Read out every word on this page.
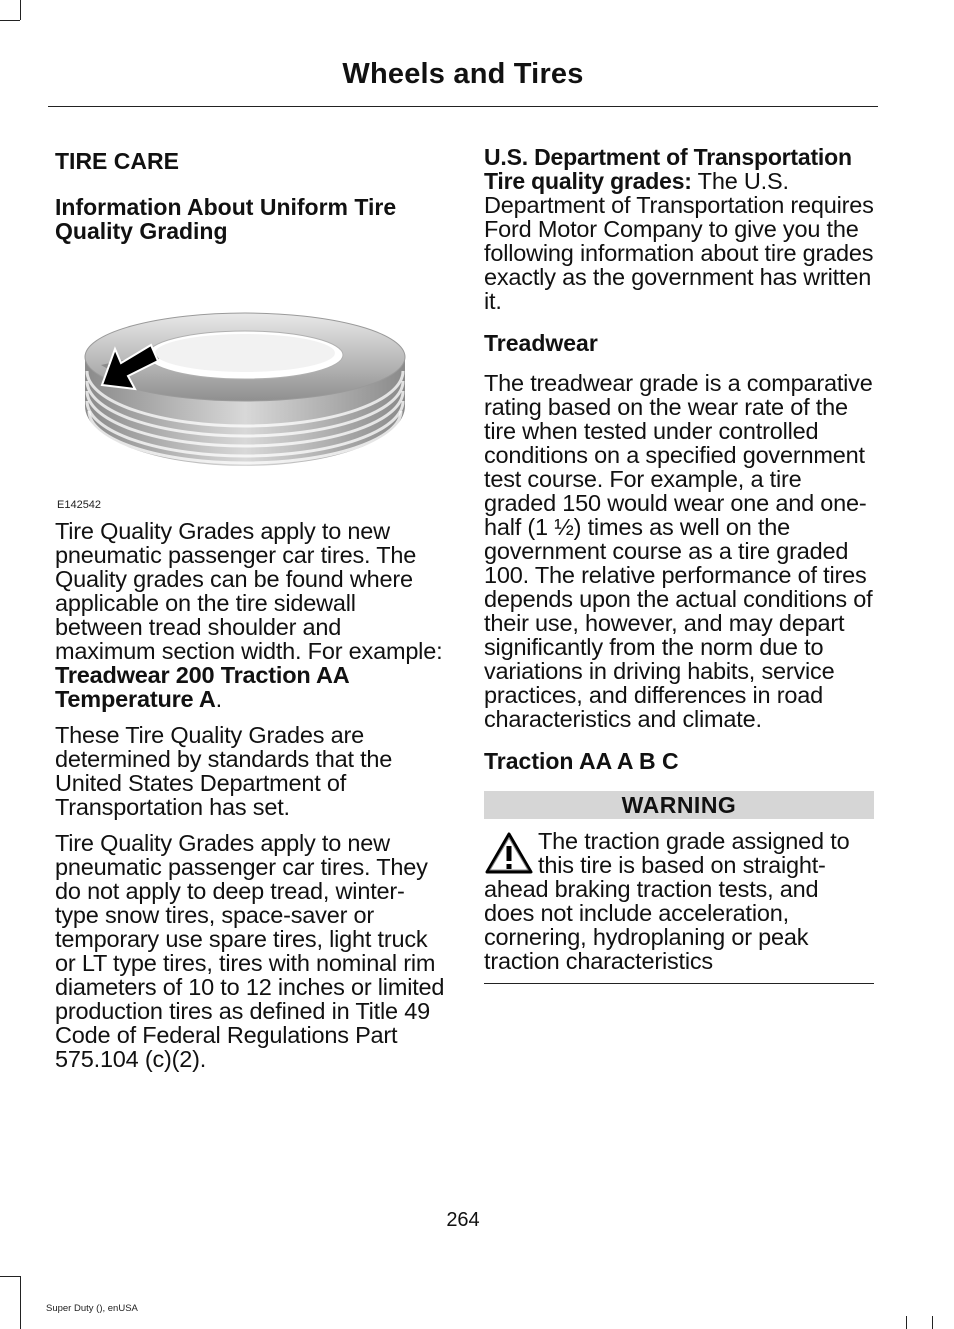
Wheels and Tires

TIRE CARE

Information About Uniform Tire Quality Grading

E142542

Tire Quality Grades apply to new pneumatic passenger car tires. The Quality grades can be found where applicable on the tire sidewall between tread shoulder and maximum section width. For example: Treadwear 200 Traction AA Temperature A.

These Tire Quality Grades are determined by standards that the United States Department of Transportation has set.

Tire Quality Grades apply to new pneumatic passenger car tires. They do not apply to deep tread, winter-type snow tires, space-saver or temporary use spare tires, light truck or LT type tires, tires with nominal rim diameters of 10 to 12 inches or limited production tires as defined in Title 49 Code of Federal Regulations Part 575.104 (c)(2).

U.S. Department of Transportation Tire quality grades: The U.S. Department of Transportation requires Ford Motor Company to give you the following information about tire grades exactly as the government has written it.

Treadwear

The treadwear grade is a comparative rating based on the wear rate of the tire when tested under controlled conditions on a specified government test course. For example, a tire graded 150 would wear one and one-half (1 ½) times as well on the government course as a tire graded 100. The relative performance of tires depends upon the actual conditions of their use, however, and may depart significantly from the norm due to variations in driving habits, service practices, and differences in road characteristics and climate.

Traction AA A B C

WARNING
The traction grade assigned to this tire is based on straight-ahead braking traction tests, and does not include acceleration, cornering, hydroplaning or peak traction characteristics
264
Super Duty (), enUSA
